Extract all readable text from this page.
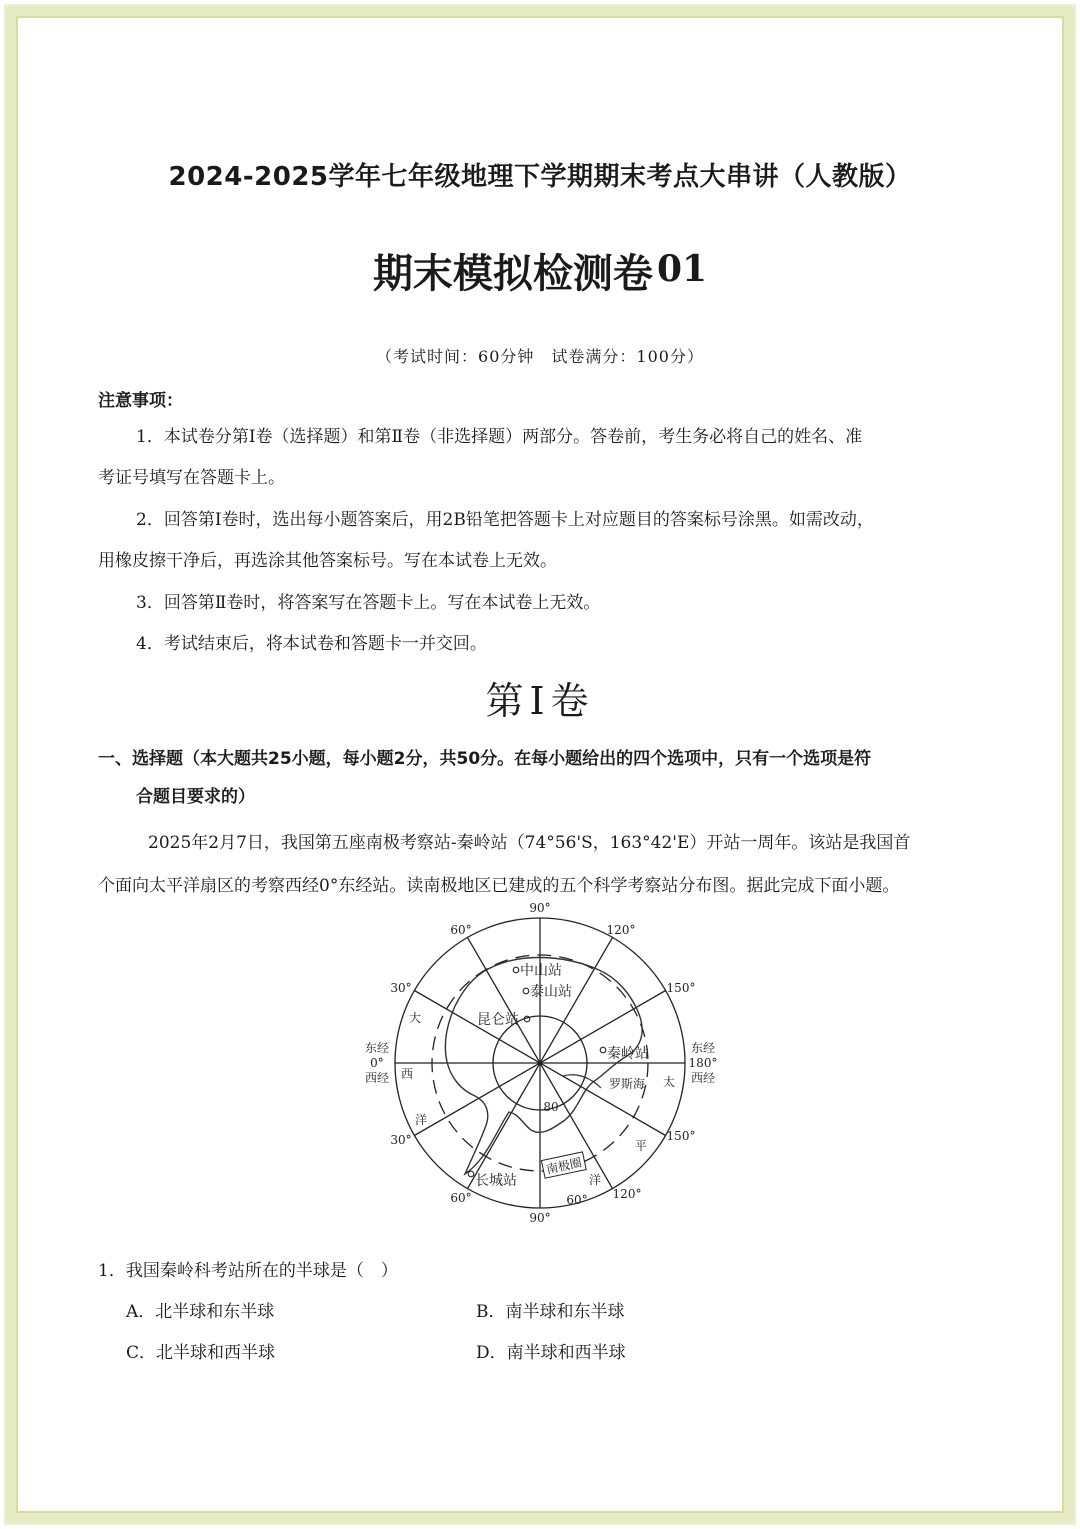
2024-2025学年七年级地理下学期期末考点大串讲（人教版）
期末模拟检测卷 01
（考试时间：60分钟　试卷满分：100分）
注意事项：
1．本试卷分第Ⅰ卷（选择题）和第Ⅱ卷（非选择题）两部分。答卷前，考生务必将自己的姓名、准
考证号填写在答题卡上。
2．回答第Ⅰ卷时，选出每小题答案后，用2B铅笔把答题卡上对应题目的答案标号涂黑。如需改动，
用橡皮擦干净后，再选涂其他答案标号。写在本试卷上无效。
3．回答第Ⅱ卷时，将答案写在答题卡上。写在本试卷上无效。
4．考试结束后，将本试卷和答题卡一并交回。
第Ⅰ卷
一、选择题（本大题共25小题，每小题2分，共50分。在每小题给出的四个选项中，只有一个选项是符
合题目要求的）
2025年2月7日，我国第五座南极考察站-秦岭站（74°56'S，163°42'E）开站一周年。该站是我国首
个面向太平洋扇区的考察西经0°东经站。读南极地区已建成的五个科学考察站分布图。据此完成下面小题。
90°
90°
60°	120°
30°	150°
30°	150°
60°	120°
60°
80
东经
0°
西经
东经
180°
西经
大
西
洋
太
平
洋
罗斯海
南极圈
中山站
泰山站
昆仑站
秦岭站
长城站
1．我国秦岭科考站所在的半球是（　）
A．北半球和东半球	B．南半球和东半球
C．北半球和西半球	D．南半球和西半球
